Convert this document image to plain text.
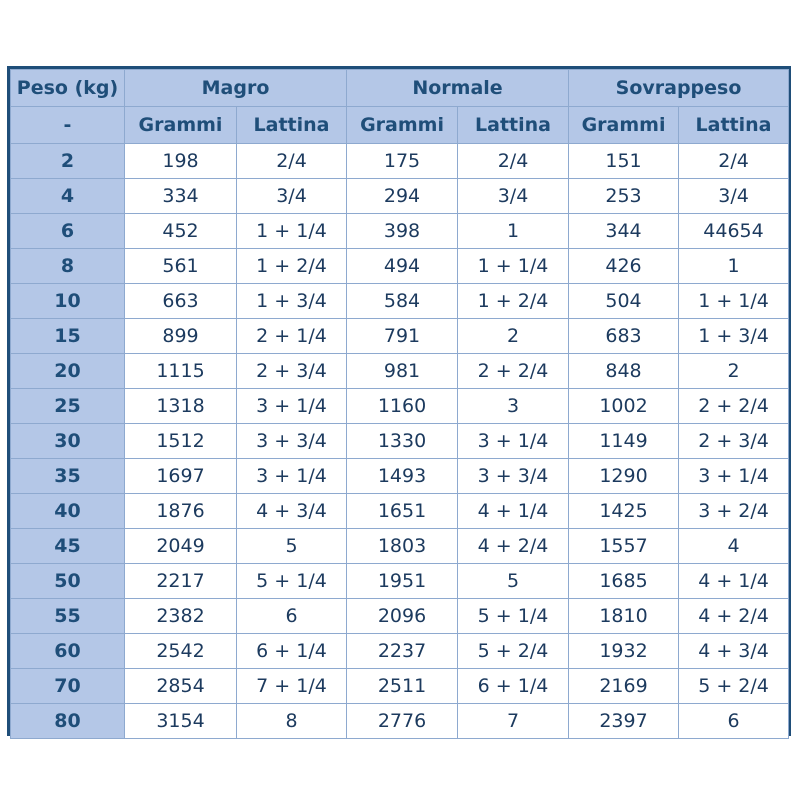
Peso (kg)	Magro		Normale		Sovrappeso	
-	Grammi	Lattina	Grammi	Lattina	Grammi	Lattina
2	198	2/4	175	2/4	151	2/4
4	334	3/4	294	3/4	253	3/4
6	452	1 + 1/4	398	1	344	44654
8	561	1 + 2/4	494	1 + 1/4	426	1
10	663	1 + 3/4	584	1 + 2/4	504	1 + 1/4
15	899	2 + 1/4	791	2	683	1 + 3/4
20	1115	2 + 3/4	981	2 + 2/4	848	2
25	1318	3 + 1/4	1160	3	1002	2 + 2/4
30	1512	3 + 3/4	1330	3 + 1/4	1149	2 + 3/4
35	1697	3 + 1/4	1493	3 + 3/4	1290	3 + 1/4
40	1876	4 + 3/4	1651	4 + 1/4	1425	3 + 2/4
45	2049	5	1803	4 + 2/4	1557	4
50	2217	5 + 1/4	1951	5	1685	4 + 1/4
55	2382	6	2096	5 + 1/4	1810	4 + 2/4
60	2542	6 + 1/4	2237	5 + 2/4	1932	4 + 3/4
70	2854	7 + 1/4	2511	6 + 1/4	2169	5 + 2/4
80	3154	8	2776	7	2397	6
